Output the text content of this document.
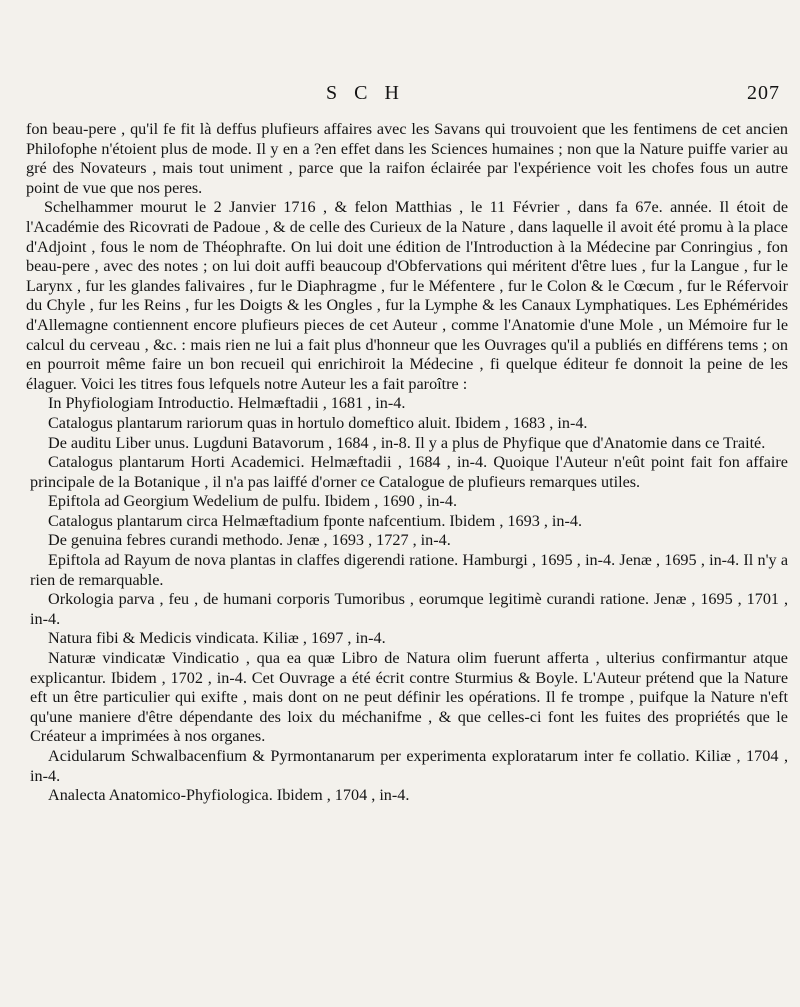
S C H	207

fon beau-pere , qu'il fe fit là deffus plufieurs affaires avec les Savans qui trouvoient que les fentimens de cet ancien Philofophe n'étoient plus de mode. Il y en a ?en effet dans les Sciences humaines ; non que la Nature puiffe varier au gré des Novateurs , mais tout uniment , parce que la raifon éclairée par l'expérience voit les chofes fous un autre point de vue que nos peres.

Schelhammer mourut le 2 Janvier 1716 , & felon Matthias , le 11 Février , dans fa 67e. année. Il étoit de l'Académie des Ricovrati de Padoue , & de celle des Curieux de la Nature , dans laquelle il avoit été promu à la place d'Adjoint , fous le nom de Théophrafte. On lui doit une édition de l'Introduction à la Médecine par Conringius , fon beau-pere , avec des notes ; on lui doit auffi beaucoup d'Obfervations qui méritent d'être lues , fur la Langue , fur le Larynx , fur les glandes falivaires , fur le Diaphragme , fur le Méfentere , fur le Colon & le Cœcum , fur le Réfervoir du Chyle , fur les Reins , fur les Doigts & les Ongles , fur la Lymphe & les Canaux Lymphatiques. Les Ephémérides d'Allemagne contiennent encore plufieurs pieces de cet Auteur , comme l'Anatomie d'une Mole , un Mémoire fur le calcul du cerveau , &c. : mais rien ne lui a fait plus d'honneur que les Ouvrages qu'il a publiés en différens tems ; on en pourroit même faire un bon recueil qui enrichiroit la Médecine , fi quelque éditeur fe donnoit la peine de les élaguer. Voici les titres fous lefquels notre Auteur les a fait paroître :

In Phyfiologiam Introductio. Helmæftadii , 1681 , in-4.

Catalogus plantarum rariorum quas in hortulo domeftico aluit. Ibidem , 1683 , in-4.

De auditu Liber unus. Lugduni Batavorum , 1684 , in-8. Il y a plus de Phyfique que d'Anatomie dans ce Traité.

Catalogus plantarum Horti Academici. Helmæftadii , 1684 , in-4. Quoique l'Auteur n'eût point fait fon affaire principale de la Botanique , il n'a pas laiffé d'orner ce Catalogue de plufieurs remarques utiles.

Epiftola ad Georgium Wedelium de pulfu. Ibidem , 1690 , in-4.

Catalogus plantarum circa Helmæftadium fponte nafcentium. Ibidem , 1693 , in-4.

De genuina febres curandi methodo. Jenæ , 1693 , 1727 , in-4.

Epiftola ad Rayum de nova plantas in claffes digerendi ratione. Hamburgi , 1695 , in-4. Jenæ , 1695 , in-4. Il n'y a rien de remarquable.

Orkologia parva , feu , de humani corporis Tumoribus , eorumque legitimè curandi ratione. Jenæ , 1695 , 1701 , in-4.

Natura fibi & Medicis vindicata. Kiliæ , 1697 , in-4.

Naturæ vindicatæ Vindicatio , qua ea quæ Libro de Natura olim fuerunt afferta , ulterius confirmantur atque explicantur. Ibidem , 1702 , in-4. Cet Ouvrage a été écrit contre Sturmius & Boyle. L'Auteur prétend que la Nature eft un être particulier qui exifte , mais dont on ne peut définir les opérations. Il fe trompe , puifque la Nature n'eft qu'une maniere d'être dépendante des loix du méchanifme , & que celles-ci font les fuites des propriétés que le Créateur a imprimées à nos organes.

Acidularum Schwalbacenfium & Pyrmontanarum per experimenta exploratarum inter fe collatio. Kiliæ , 1704 , in-4.

Analecta Anatomico-Phyfiologica. Ibidem , 1704 , in-4.
